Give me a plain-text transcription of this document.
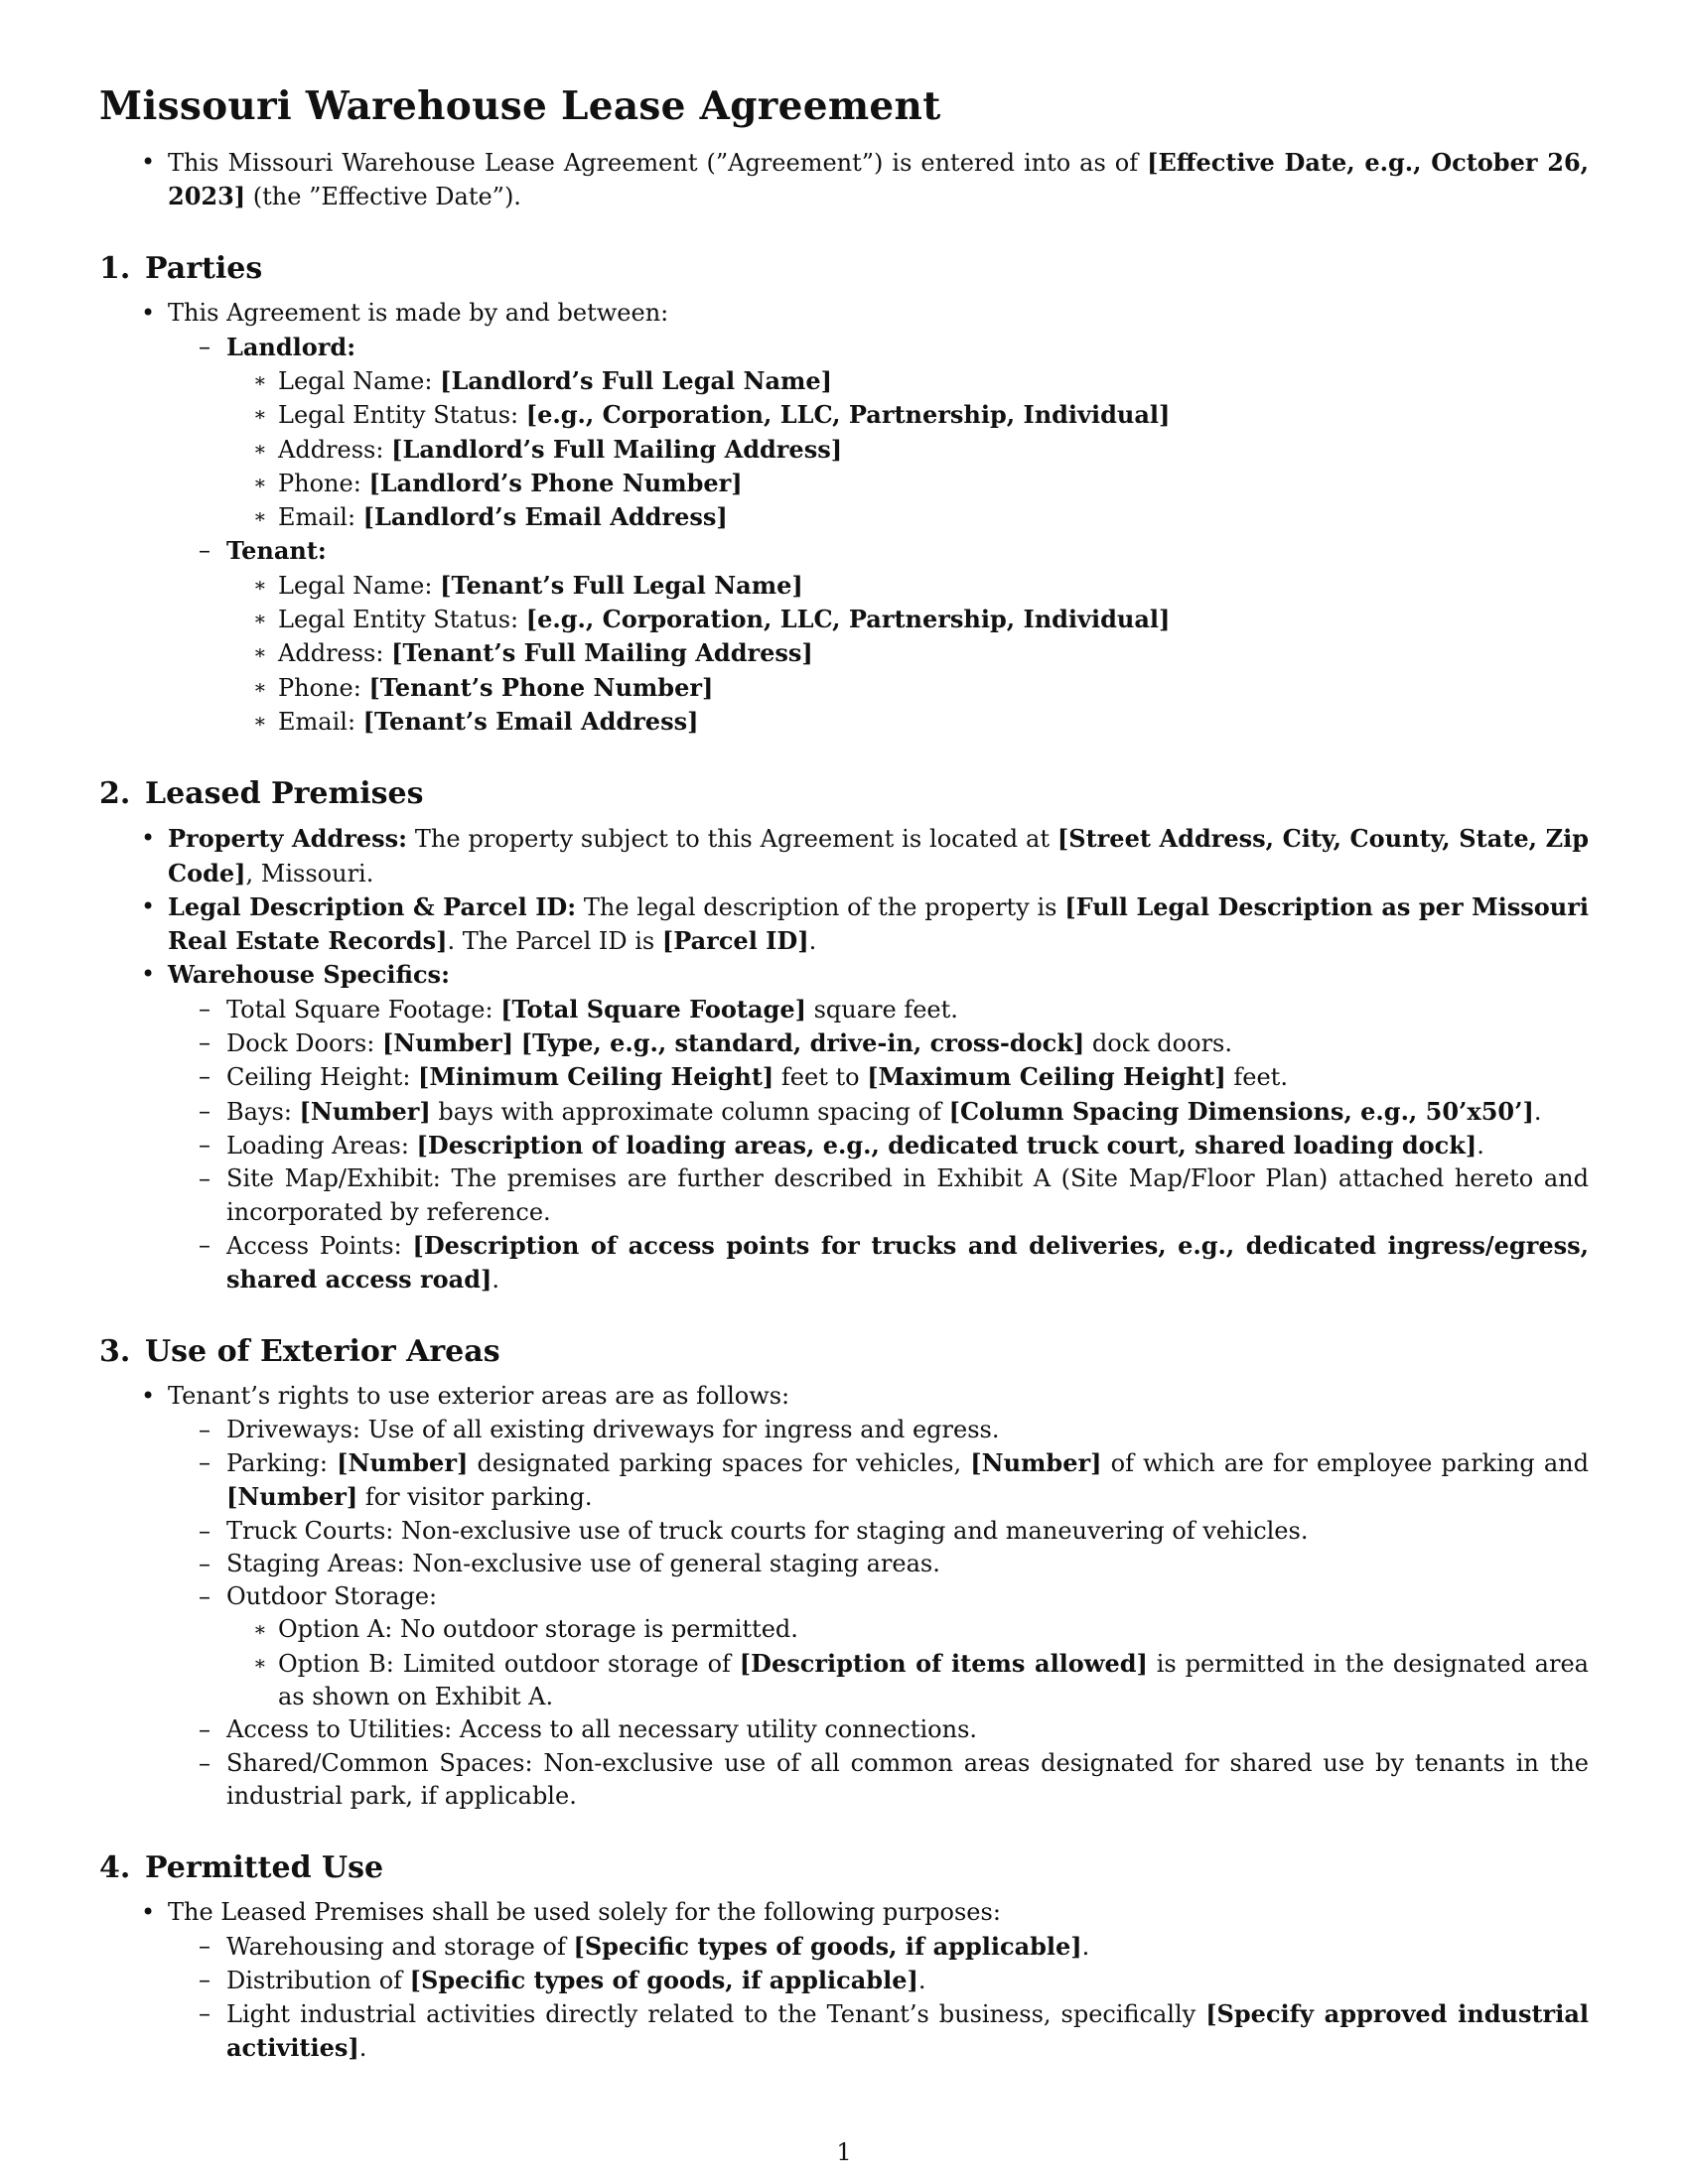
Missouri Warehouse Lease Agreement
• This Missouri Warehouse Lease Agreement (”Agreement”) is entered into as of [Effective Date, e.g., October 26, 2023] (the ”Effective Date”).
1. Parties
• This Agreement is made by and between:
– Landlord:
∗ Legal Name: [Landlord’s Full Legal Name]
∗ Legal Entity Status: [e.g., Corporation, LLC, Partnership, Individual]
∗ Address: [Landlord’s Full Mailing Address]
∗ Phone: [Landlord’s Phone Number]
∗ Email: [Landlord’s Email Address]
– Tenant:
∗ Legal Name: [Tenant’s Full Legal Name]
∗ Legal Entity Status: [e.g., Corporation, LLC, Partnership, Individual]
∗ Address: [Tenant’s Full Mailing Address]
∗ Phone: [Tenant’s Phone Number]
∗ Email: [Tenant’s Email Address]
2. Leased Premises
• Property Address: The property subject to this Agreement is located at [Street Address, City, County, State, Zip Code], Missouri.
• Legal Description & Parcel ID: The legal description of the property is [Full Legal Description as per Missouri Real Estate Records]. The Parcel ID is [Parcel ID].
• Warehouse Specifics:
– Total Square Footage: [Total Square Footage] square feet.
– Dock Doors: [Number] [Type, e.g., standard, drive-in, cross-dock] dock doors.
– Ceiling Height: [Minimum Ceiling Height] feet to [Maximum Ceiling Height] feet.
– Bays: [Number] bays with approximate column spacing of [Column Spacing Dimensions, e.g., 50’x50’].
– Loading Areas: [Description of loading areas, e.g., dedicated truck court, shared loading dock].
– Site Map/Exhibit: The premises are further described in Exhibit A (Site Map/Floor Plan) attached hereto and incorporated by reference.
– Access Points: [Description of access points for trucks and deliveries, e.g., dedicated ingress/egress, shared access road].
3. Use of Exterior Areas
• Tenant’s rights to use exterior areas are as follows:
– Driveways: Use of all existing driveways for ingress and egress.
– Parking: [Number] designated parking spaces for vehicles, [Number] of which are for employee parking and [Number] for visitor parking.
– Truck Courts: Non-exclusive use of truck courts for staging and maneuvering of vehicles.
– Staging Areas: Non-exclusive use of general staging areas.
– Outdoor Storage:
∗ Option A: No outdoor storage is permitted.
∗ Option B: Limited outdoor storage of [Description of items allowed] is permitted in the designated area as shown on Exhibit A.
– Access to Utilities: Access to all necessary utility connections.
– Shared/Common Spaces: Non-exclusive use of all common areas designated for shared use by tenants in the industrial park, if applicable.
4. Permitted Use
• The Leased Premises shall be used solely for the following purposes:
– Warehousing and storage of [Specific types of goods, if applicable].
– Distribution of [Specific types of goods, if applicable].
– Light industrial activities directly related to the Tenant’s business, specifically [Specify approved industrial activities].
1
